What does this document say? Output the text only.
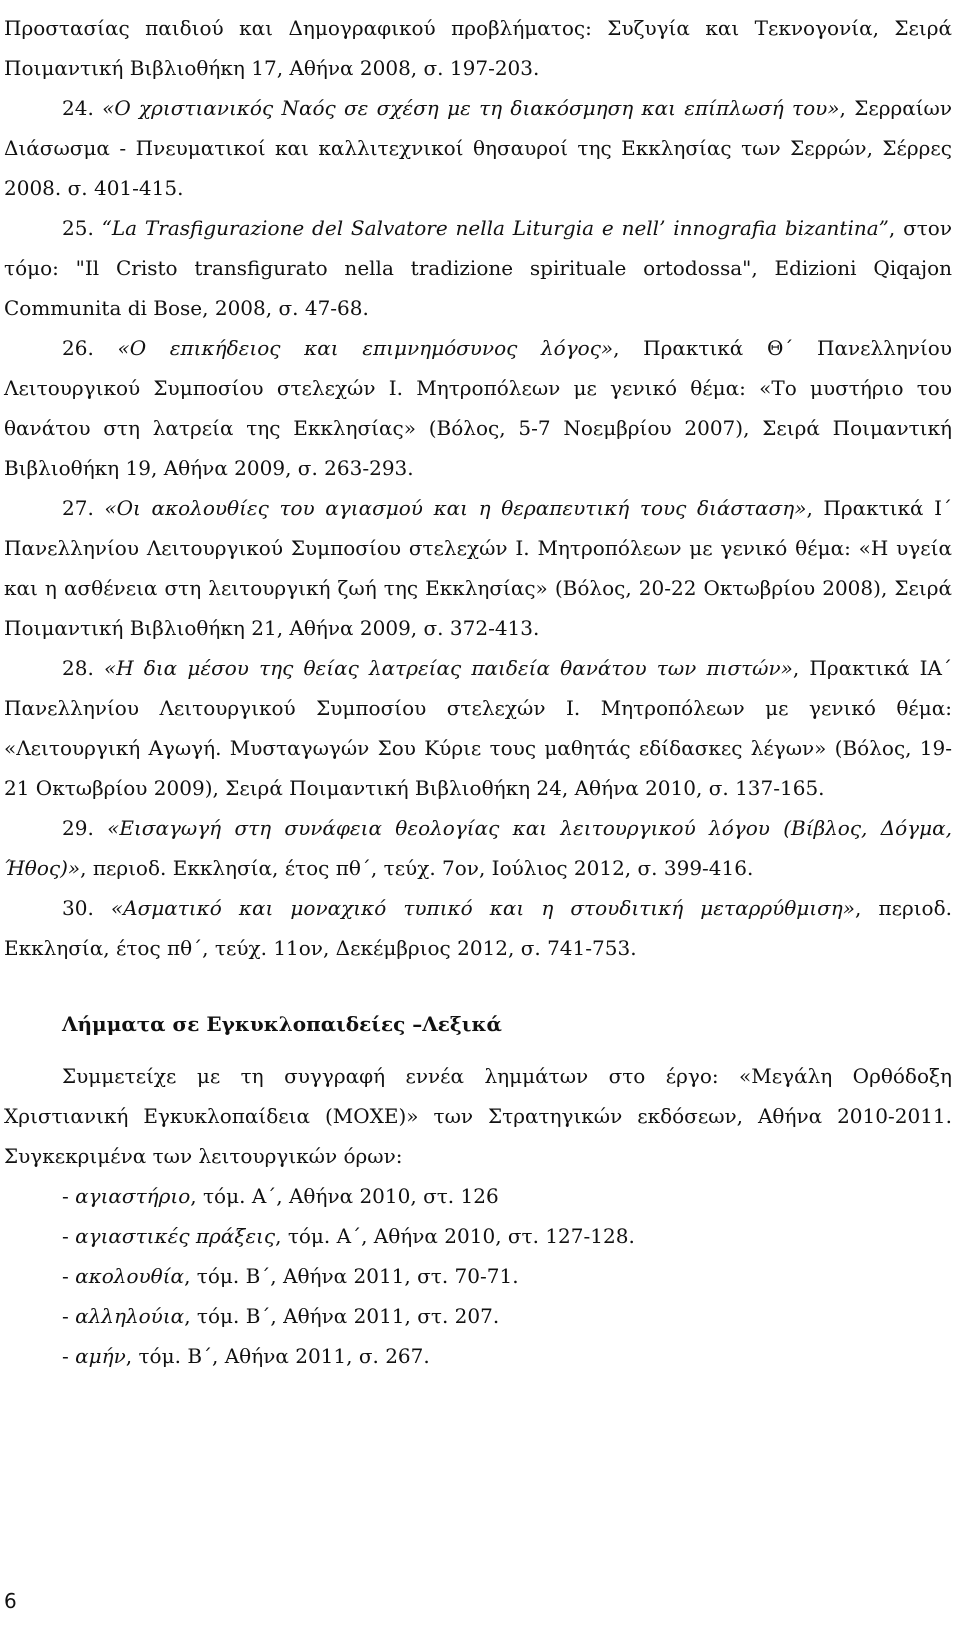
Προστασίας παιδιού και Δημογραφικού προβλήματος: Συζυγία και Τεκνογονία, Σειρά Ποιμαντική Βιβλιοθήκη 17, Αθήνα 2008, σ. 197-203.

24. «Ο χριστιανικός Ναός σε σχέση με τη διακόσμηση και επίπλωσή του», Σερραίων Διάσωσμα - Πνευματικοί και καλλιτεχνικοί θησαυροί της Εκκλησίας των Σερρών, Σέρρες 2008. σ. 401-415.

25. “La Trasfigurazione del Salvatore nella Liturgia e nell’ innografia bizantina”, στον τόμο: "Il Cristo transfigurato nella tradizione spirituale ortodossa", Edizioni Qiqajon Communita di Bose, 2008, σ. 47-68.

26. «Ο επικήδειος και επιμνημόσυνος λόγος», Πρακτικά Θ΄ Πανελληνίου Λειτουργικού Συμποσίου στελεχών Ι. Μητροπόλεων με γενικό θέμα: «Το μυστήριο του θανάτου στη λατρεία της Εκκλησίας» (Βόλος, 5-7 Νοεμβρίου 2007), Σειρά Ποιμαντική Βιβλιοθήκη 19, Αθήνα 2009, σ. 263-293.

27. «Οι ακολουθίες του αγιασμού και η θεραπευτική τους διάσταση», Πρακτικά Ι΄ Πανελληνίου Λειτουργικού Συμποσίου στελεχών Ι. Μητροπόλεων με γενικό θέμα: «Η υγεία και η ασθένεια στη λειτουργική ζωή της Εκκλησίας» (Βόλος, 20-22 Οκτωβρίου 2008), Σειρά Ποιμαντική Βιβλιοθήκη 21, Αθήνα 2009, σ. 372-413.

28. «Η δια μέσου της θείας λατρείας παιδεία θανάτου των πιστών», Πρακτικά ΙΑ΄ Πανελληνίου Λειτουργικού Συμποσίου στελεχών Ι. Μητροπόλεων με γενικό θέμα: «Λειτουργική Αγωγή. Μυσταγωγών Σου Κύριε τους μαθητάς εδίδασκες λέγων» (Βόλος, 19-21 Οκτωβρίου 2009), Σειρά Ποιμαντική Βιβλιοθήκη 24, Αθήνα 2010, σ. 137-165.

29. «Εισαγωγή στη συνάφεια θεολογίας και λειτουργικού λόγου (Βίβλος, Δόγμα, Ήθος)», περιοδ. Εκκλησία, έτος πθ΄, τεύχ. 7ον, Ιούλιος 2012, σ. 399-416.

30. «Ασματικό και μοναχικό τυπικό και η στουδιτική μεταρρύθμιση», περιοδ. Εκκλησία, έτος πθ΄, τεύχ. 11ον, Δεκέμβριος 2012, σ. 741-753.

Λήμματα σε Εγκυκλοπαιδείες –Λεξικά

Συμμετείχε με τη συγγραφή εννέα λημμάτων στο έργο: «Μεγάλη Ορθόδοξη Χριστιανική Εγκυκλοπαίδεια (ΜΟΧΕ)» των Στρατηγικών εκδόσεων, Αθήνα 2010-2011. Συγκεκριμένα των λειτουργικών όρων:

- αγιαστήριο, τόμ. Α΄, Αθήνα 2010, στ. 126
- αγιαστικές πράξεις, τόμ. Α΄, Αθήνα 2010, στ. 127-128.
- ακολουθία, τόμ. Β΄, Αθήνα 2011, στ. 70-71.
- αλληλούια, τόμ. Β΄, Αθήνα 2011, στ. 207.
- αμήν, τόμ. Β΄, Αθήνα 2011, σ. 267.
6
